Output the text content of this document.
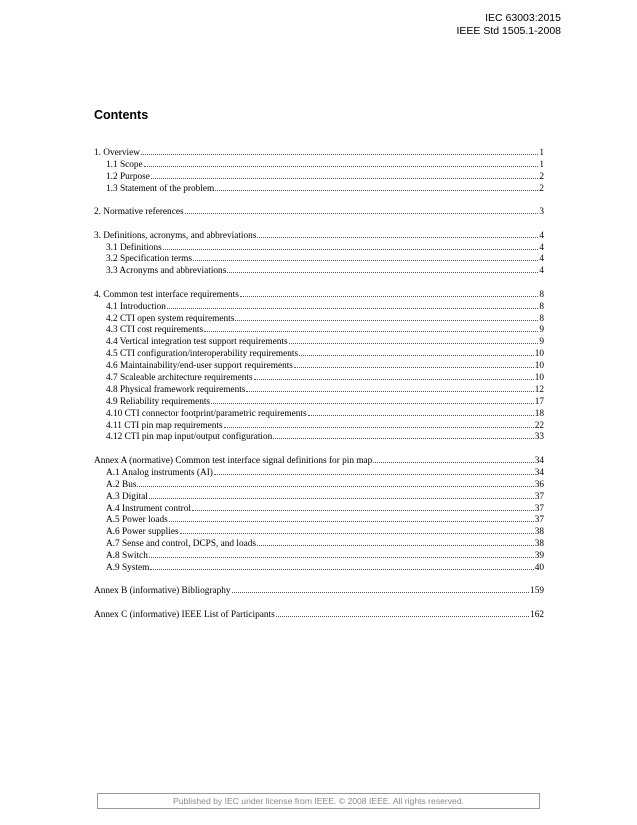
IEC 63003:2015
IEEE Std 1505.1-2008
Contents
1. Overview	1
1.1 Scope	1
1.2 Purpose	2
1.3 Statement of the problem	2
2. Normative references	3
3. Definitions, acronyms, and abbreviations	4
3.1 Definitions	4
3.2 Specification terms	4
3.3 Acronyms and abbreviations	4
4. Common test interface requirements	8
4.1 Introduction	8
4.2 CTI open system requirements	8
4.3 CTI cost requirements	9
4.4 Vertical integration test support requirements	9
4.5 CTI configuration/interoperability requirements	10
4.6 Maintainability/end-user support requirements	10
4.7 Scaleable architecture requirements	10
4.8 Physical framework requirements	12
4.9 Reliability requirements	17
4.10 CTI connector footprint/parametric requirements	18
4.11 CTI pin map requirements	22
4.12 CTI pin map input/output configuration	33
Annex A (normative) Common test interface signal definitions for pin map	34
A.1 Analog instruments (AI)	34
A.2 Bus	36
A.3 Digital	37
A.4 Instrument control	37
A.5 Power loads	37
A.6 Power supplies	38
A.7 Sense and control, DCPS, and loads	38
A.8 Switch	39
A.9 System	40
Annex B (informative) Bibliography	159
Annex C (informative) IEEE List of Participants	162
Published by IEC under license from IEEE. © 2008 IEEE. All rights reserved.
